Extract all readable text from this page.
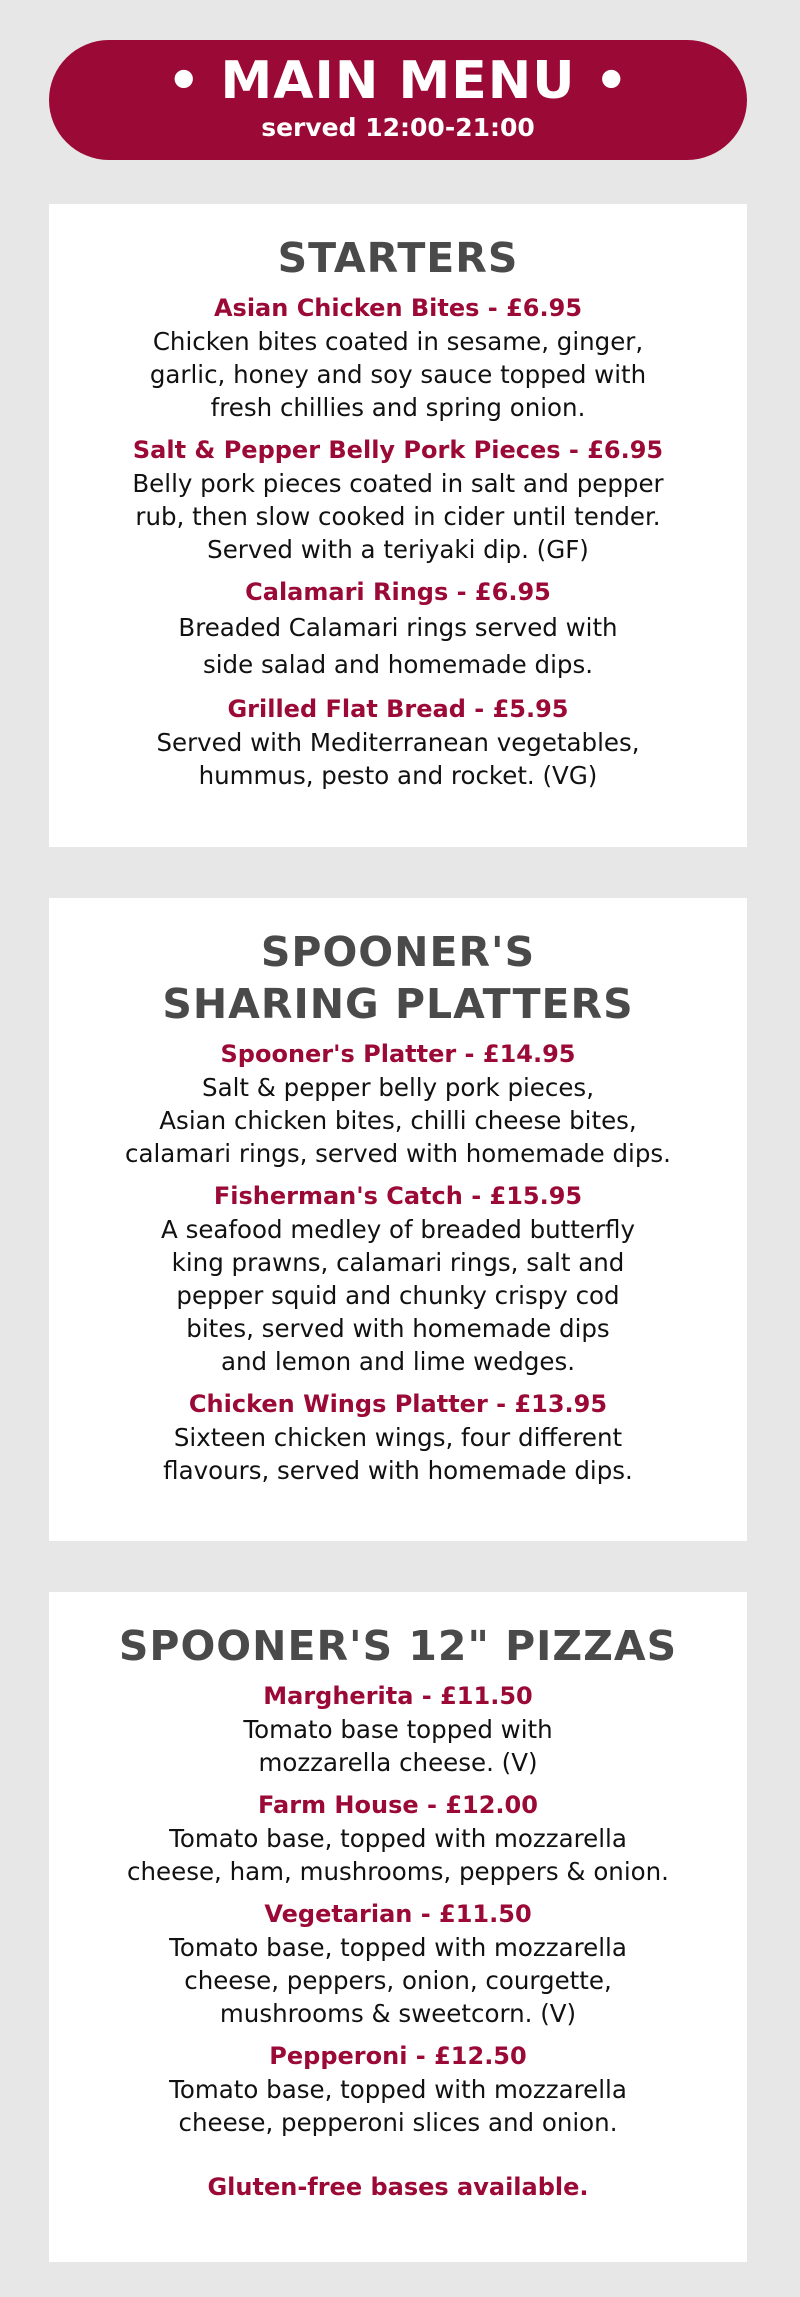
• MAIN MENU •
served 12:00-21:00
STARTERS
Asian Chicken Bites - £6.95
Chicken bites coated in sesame, ginger,
garlic, honey and soy sauce topped with
fresh chillies and spring onion.
Salt & Pepper Belly Pork Pieces - £6.95
Belly pork pieces coated in salt and pepper
rub, then slow cooked in cider until tender.
Served with a teriyaki dip. (GF)
Calamari Rings - £6.95
Breaded Calamari rings served with
side salad and homemade dips.
Grilled Flat Bread - £5.95
Served with Mediterranean vegetables,
hummus, pesto and rocket. (VG)
SPOONER'S
SHARING PLATTERS
Spooner's Platter - £14.95
Salt & pepper belly pork pieces,
Asian chicken bites, chilli cheese bites,
calamari rings, served with homemade dips.
Fisherman's Catch - £15.95
A seafood medley of breaded butterfly
king prawns, calamari rings, salt and
pepper squid and chunky crispy cod
bites, served with homemade dips
and lemon and lime wedges.
Chicken Wings Platter - £13.95
Sixteen chicken wings, four different
flavours, served with homemade dips.
SPOONER'S 12" PIZZAS
Margherita - £11.50
Tomato base topped with
mozzarella cheese. (V)
Farm House - £12.00
Tomato base, topped with mozzarella
cheese, ham, mushrooms, peppers & onion.
Vegetarian - £11.50
Tomato base, topped with mozzarella
cheese, peppers, onion, courgette,
mushrooms & sweetcorn. (V)
Pepperoni - £12.50
Tomato base, topped with mozzarella
cheese, pepperoni slices and onion.
Gluten-free bases available.
